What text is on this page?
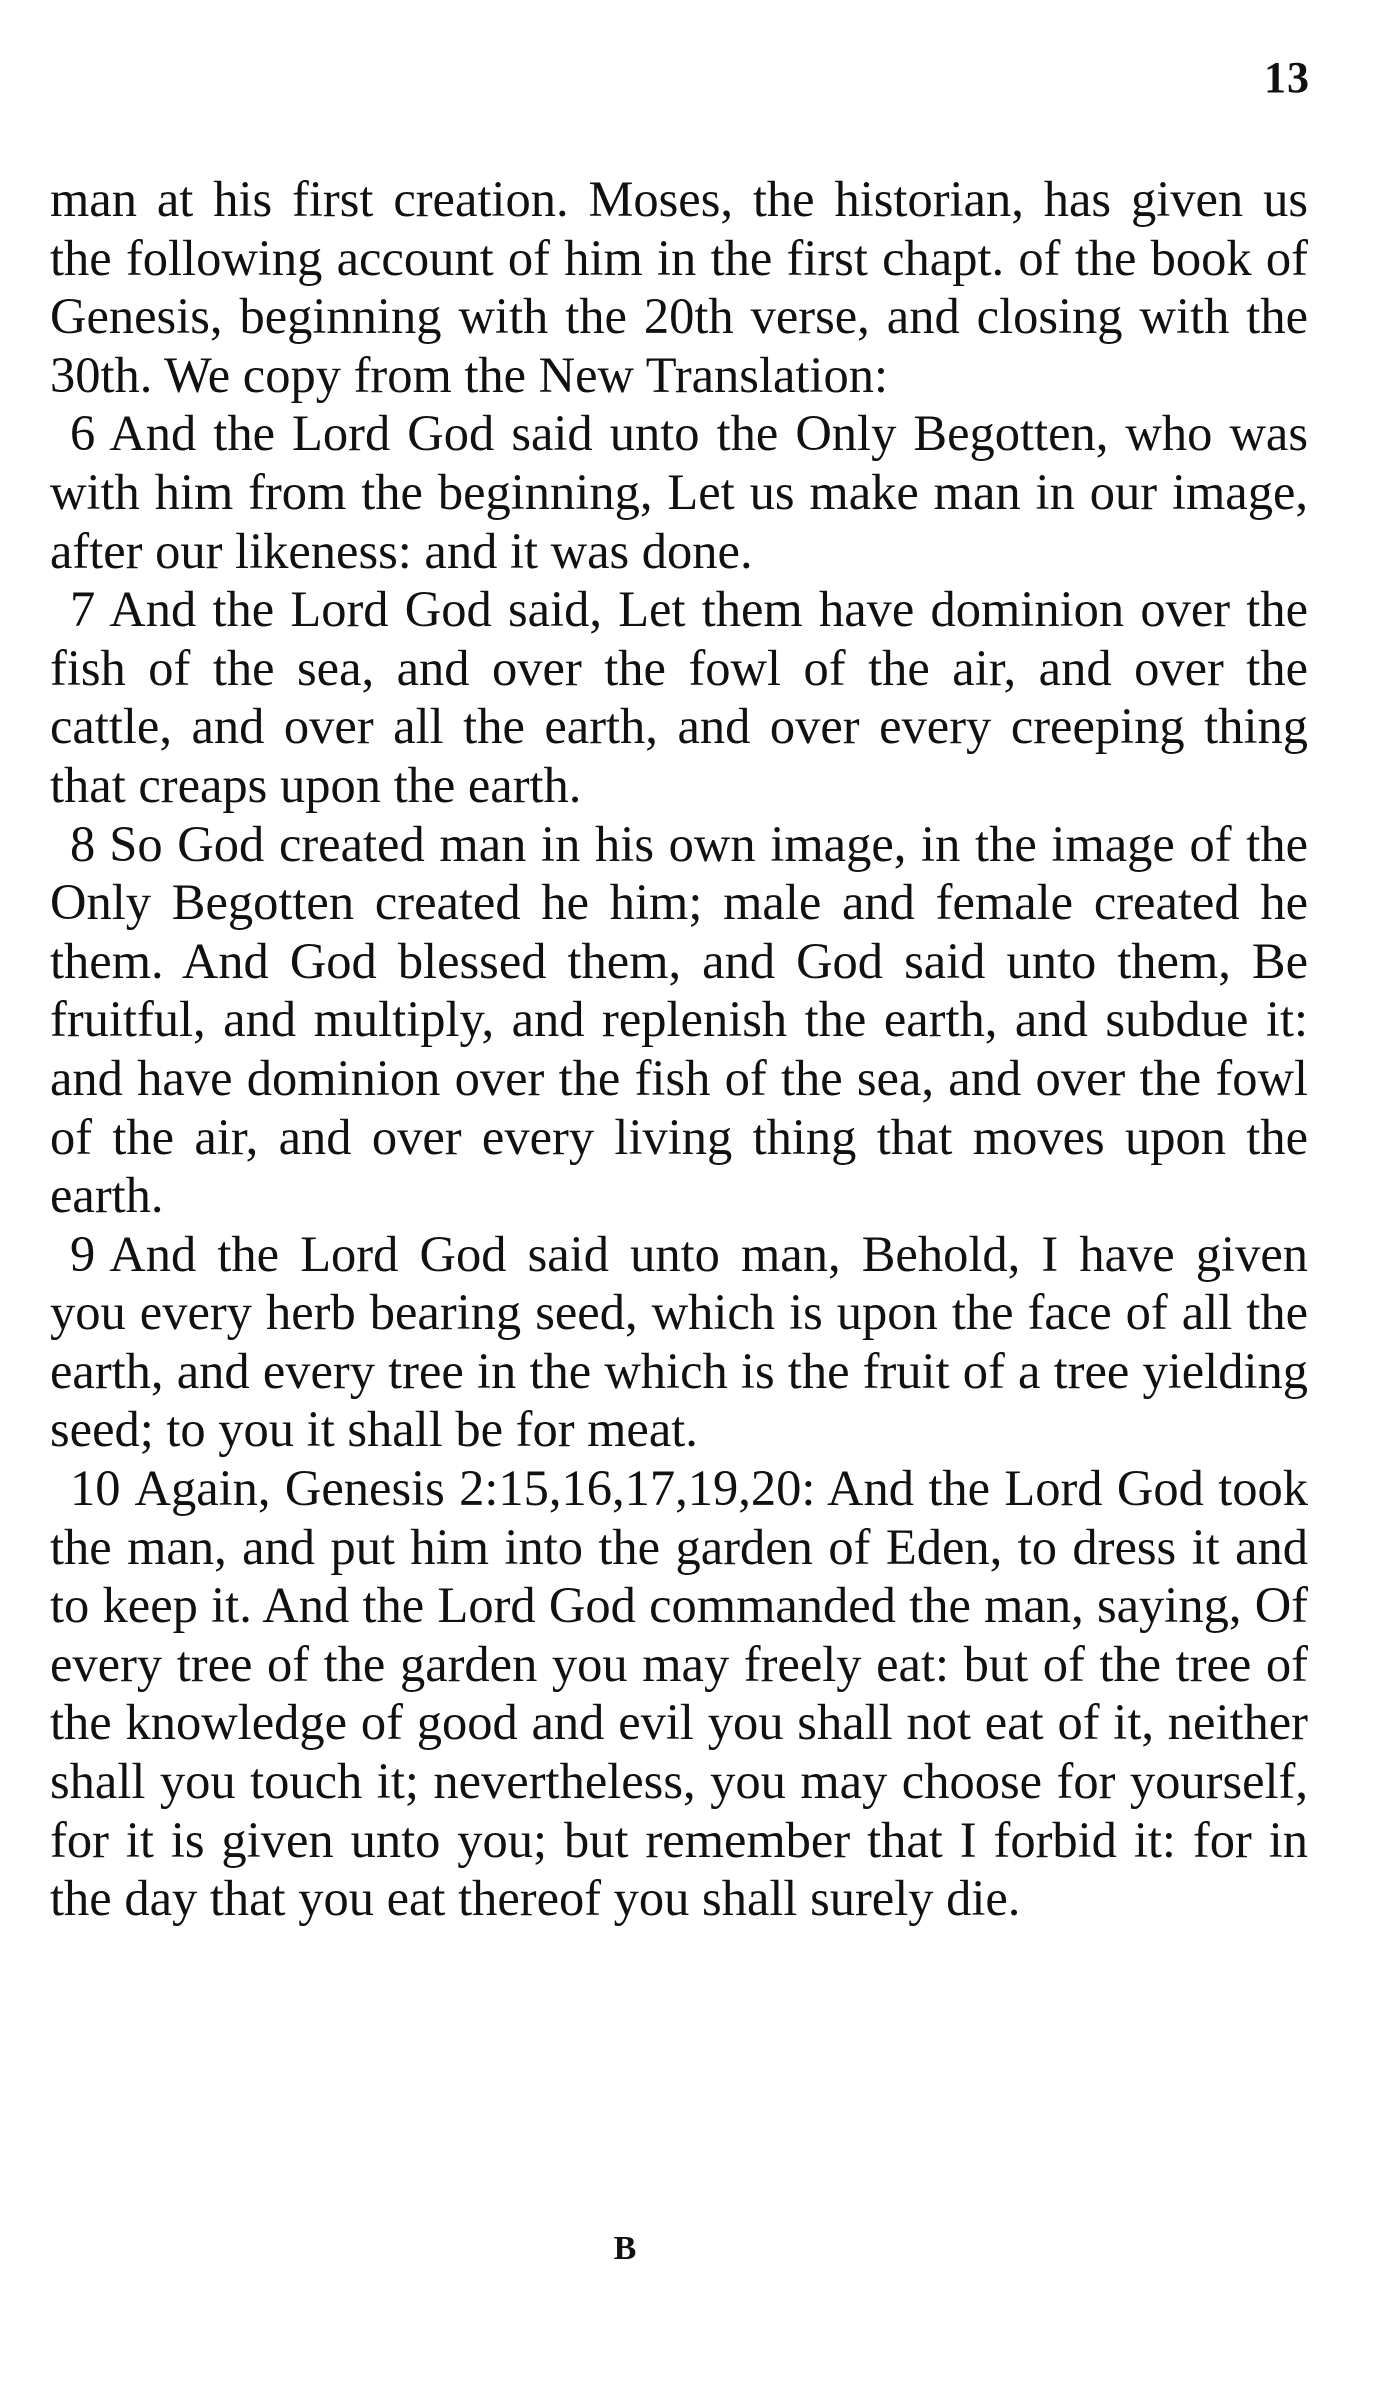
13

man at his first creation. Moses, the historian, has given us the following account of him in the first chapt. of the book of Genesis, beginning with the 20th verse, and closing with the 30th. We copy from the New Translation:

6 And the Lord God said unto the Only Begotten, who was with him from the beginning, Let us make man in our image, after our likeness: and it was done.

7 And the Lord God said, Let them have dominion over the fish of the sea, and over the fowl of the air, and over the cattle, and over all the earth, and over every creeping thing that creaps upon the earth.

8 So God created man in his own image, in the image of the Only Begotten created he him; male and female created he them. And God blessed them, and God said unto them, Be fruitful, and multiply, and replenish the earth, and subdue it: and have dominion over the fish of the sea, and over the fowl of the air, and over every living thing that moves upon the earth.

9 And the Lord God said unto man, Behold, I have given you every herb bearing seed, which is upon the face of all the earth, and every tree in the which is the fruit of a tree yielding seed; to you it shall be for meat.

10 Again, Genesis 2:15,16,17,19,20: And the Lord God took the man, and put him into the garden of Eden, to dress it and to keep it. And the Lord God commanded the man, saying, Of every tree of the garden you may freely eat: but of the tree of the knowledge of good and evil you shall not eat of it, neither shall you touch it; nevertheless, you may choose for yourself, for it is given unto you; but remember that I forbid it: for in the day that you eat thereof you shall surely die.

B
